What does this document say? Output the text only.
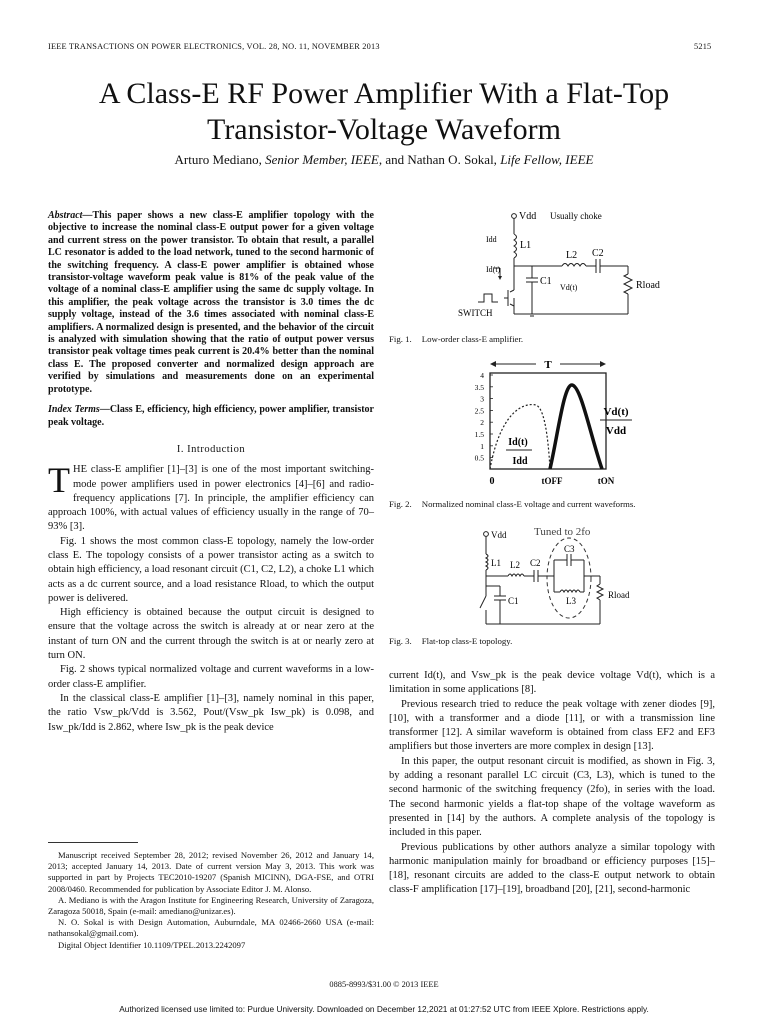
IEEE TRANSACTIONS ON POWER ELECTRONICS, VOL. 28, NO. 11, NOVEMBER 2013	5215
A Class-E RF Power Amplifier With a Flat-Top Transistor-Voltage Waveform
Arturo Mediano, Senior Member, IEEE, and Nathan O. Sokal, Life Fellow, IEEE
Abstract—This paper shows a new class-E amplifier topology with the objective to increase the nominal class-E output power for a given voltage and current stress on the power transistor. To obtain that result, a parallel LC resonator is added to the load network, tuned to the second harmonic of the switching frequency. A class-E power amplifier is obtained whose transistor-voltage waveform peak value is 81% of the peak value of the voltage of a nominal class-E amplifier using the same dc supply voltage. In this amplifier, the peak voltage across the transistor is 3.0 times the dc supply voltage, instead of the 3.6 times associated with nominal class-E amplifiers. A normalized design is presented, and the behavior of the circuit is analyzed with simulation showing that the ratio of output power versus transistor peak voltage times peak current is 20.4% better than the nominal class E. The proposed converter and normalized design approach are verified by simulations and measurements done on an experimental prototype.
Index Terms—Class E, efficiency, high efficiency, power amplifier, transistor peak voltage.
I. Introduction

THE class-E amplifier [1]–[3] is one of the most important switching-mode power amplifiers used in power electronics [4]–[6] and radio-frequency applications [7]. In principle, the amplifier efficiency can approach 100%, with actual values of efficiency usually in the range of 70–93% [3].

Fig. 1 shows the most common class-E topology, namely the low-order class E. The topology consists of a power transistor acting as a switch to obtain high efficiency, a load resonant circuit (C1, C2, L2), a choke L1 which acts as a dc current source, and a load resistance Rload, to which the output power is delivered.

High efficiency is obtained because the output circuit is designed to ensure that the voltage across the switch is already at or near zero at the instant of turn ON and the current through the switch is at or nearly zero at turn ON.

Fig. 2 shows typical normalized voltage and current waveforms in a low-order class-E amplifier.

In the classical class-E amplifier [1]–[3], namely nominal in this paper, the ratio Vsw_pk/Vdd is 3.562, Pout/(Vsw_pk Isw_pk) is 0.098, and Isw_pk/Idd is 2.862, where Isw_pk is the peak device

Manuscript received September 28, 2012; revised November 26, 2012 and January 14, 2013; accepted January 14, 2013. Date of current version May 3, 2013. This work was supported in part by Projects TEC2010-19207 (Spanish MICINN), DGA-FSE, and OTRI 2008/0460. Recommended for publication by Associate Editor J. M. Alonso.

A. Mediano is with the Aragon Institute for Engineering Research, University of Zaragoza, Zaragoza 50018, Spain (e-mail: amediano@unizar.es).

N. O. Sokal is with Design Automation, Auburndale, MA 02466-2660 USA (e-mail: nathansokal@gmail.com).

Digital Object Identifier 10.1109/TPEL.2013.2242097

Vdd Usually choke
Idd
L1
L2 C2
Id(t)
C1
Vd(t)	Rload
SWITCH
Fig. 1. Low-order class-E amplifier.
T
4
3.5
3
2.5
2
1.5
1
0.5
Id(t)
Idd
Vd(t)
Vdd
0	tOFF	tON
Fig. 2. Normalized nominal class-E voltage and current waveforms.
Tuned to 2fo
Vdd
L1 L2 C2
C3
L3
C1
Rload
Fig. 3. Flat-top class-E topology.

current Id(t), and Vsw_pk is the peak device voltage Vd(t), which is a limitation in some applications [8].

Previous research tried to reduce the peak voltage with zener diodes [9], [10], with a transformer and a diode [11], or with a transmission line transformer [12]. A similar waveform is obtained from class EF2 and EF3 amplifiers but those inverters are more complex in design [13].

In this paper, the output resonant circuit is modified, as shown in Fig. 3, by adding a resonant parallel LC circuit (C3, L3), which is tuned to the second harmonic of the switching frequency (2fo), in series with the load. The second harmonic yields a flat-top shape of the voltage waveform as presented in [14] by the authors. A complete analysis of the topology is included in this paper.

Previous publications by other authors analyze a similar topology with harmonic manipulation mainly for broadband or efficiency purposes [15]–[18], resonant circuits are added to the class-E output network to obtain class-F amplification [17]–[19], broadband [20], [21], second-harmonic

0885-8993/$31.00 © 2013 IEEE
Authorized licensed use limited to: Purdue University. Downloaded on December 12,2021 at 01:27:52 UTC from IEEE Xplore. Restrictions apply.
